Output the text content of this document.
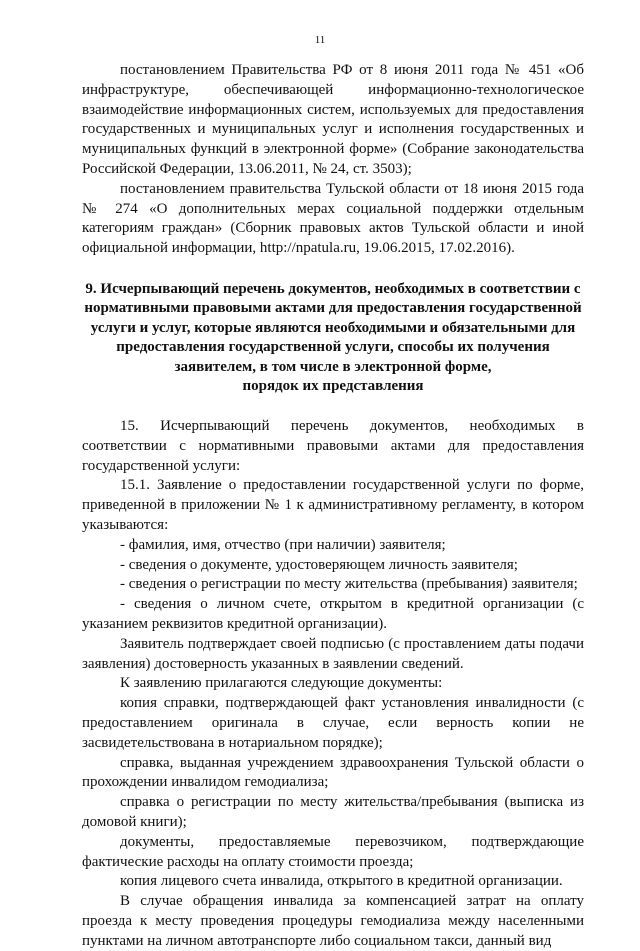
11

постановлением Правительства РФ от 8 июня 2011 года № 451 «Об инфраструктуре, обеспечивающей информационно-технологическое взаимодействие информационных систем, используемых для предоставления государственных и муниципальных услуг и исполнения государственных и муниципальных функций в электронной форме» (Собрание законодательства Российской Федерации, 13.06.2011, № 24, ст. 3503);

постановлением правительства Тульской области от 18 июня 2015 года № 274 «О дополнительных мерах социальной поддержки отдельным категориям граждан» (Сборник правовых актов Тульской области и иной официальной информации, http://npatula.ru, 19.06.2015, 17.02.2016).

9. Исчерпывающий перечень документов, необходимых в соответствии с
нормативными правовыми актами для предоставления государственной
услуги и услуг, которые являются необходимыми и обязательными для
предоставления государственной услуги, способы их получения
заявителем, в том числе в электронной форме,
порядок их представления

15. Исчерпывающий перечень документов, необходимых в соответствии с нормативными правовыми актами для предоставления государственной услуги:

15.1. Заявление о предоставлении государственной услуги по форме, приведенной в приложении № 1 к административному регламенту, в котором указываются:

- фамилия, имя, отчество (при наличии) заявителя;

- сведения о документе, удостоверяющем личность заявителя;

- сведения о регистрации по месту жительства (пребывания) заявителя;

- сведения о личном счете, открытом в кредитной организации (с указанием реквизитов кредитной организации).

Заявитель подтверждает своей подписью (с проставлением даты подачи заявления) достоверность указанных в заявлении сведений.

К заявлению прилагаются следующие документы:

копия справки, подтверждающей факт установления инвалидности (с предоставлением оригинала в случае, если верность копии не засвидетельствована в нотариальном порядке);

справка, выданная учреждением здравоохранения Тульской области о прохождении инвалидом гемодиализа;

справка о регистрации по месту жительства/пребывания (выписка из домовой книги);

документы, предоставляемые перевозчиком, подтверждающие фактические расходы на оплату стоимости проезда;

копия лицевого счета инвалида, открытого в кредитной организации.

В случае обращения инвалида за компенсацией затрат на оплату проезда к месту проведения процедуры гемодиализа между населенными пунктами на личном автотранспорте либо социальном такси, данный вид
